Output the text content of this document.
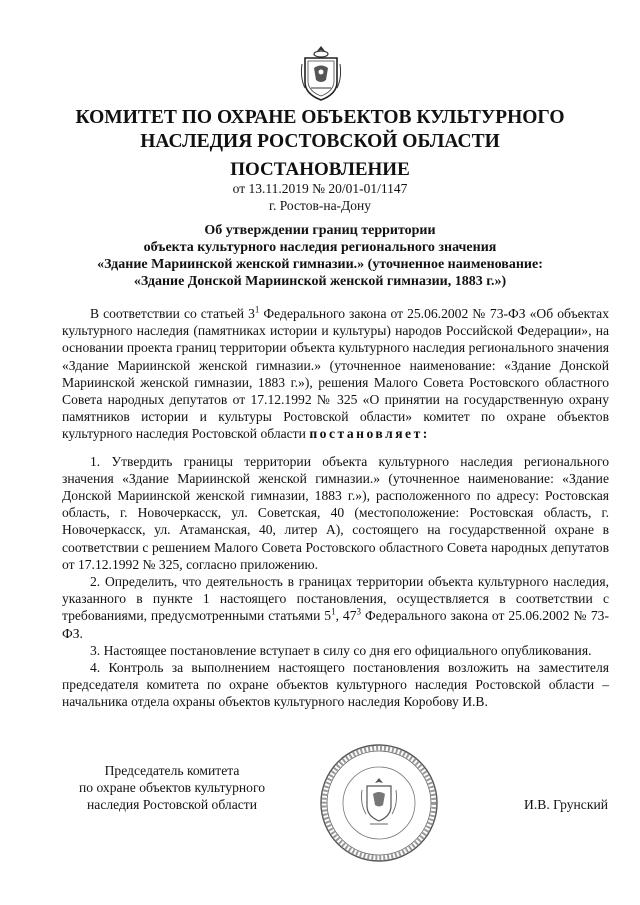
КОМИТЕТ ПО ОХРАНЕ ОБЪЕКТОВ КУЛЬТУРНОГО
НАСЛЕДИЯ РОСТОВСКОЙ ОБЛАСТИ
ПОСТАНОВЛЕНИЕ
от 13.11.2019 № 20/01-01/1147
г. Ростов-на-Дону
Об утверждении границ территории
объекта культурного наследия регионального значения
«Здание Мариинской женской гимназии.» (уточненное наименование:
«Здание Донской Мариинской женской гимназии, 1883 г.»)

В соответствии со статьей $3^1$ Федерального закона от 25.06.2002 № 73-ФЗ «Об объектах культурного наследия (памятниках истории и культуры) народов Российской Федерации», на основании проекта границ территории объекта культурного наследия регионального значения «Здание Мариинской женской гимназии.» (уточненное наименование: «Здание Донской Мариинской женской гимназии, 1883 г.»), решения Малого Совета Ростовского областного Совета народных депутатов от 17.12.1992 № 325 «О принятии на государственную охрану памятников истории и культуры Ростовской области» комитет по охране объектов культурного наследия Ростовской области постановляет:

1. Утвердить границы территории объекта культурного наследия регионального значения «Здание Мариинской женской гимназии.» (уточненное наименование: «Здание Донской Мариинской женской гимназии, 1883 г.»), расположенного по адресу: Ростовская область, г. Новочеркасск, ул. Советская, 40 (местоположение: Ростовская область, г. Новочеркасск, ул. Атаманская, 40, литер А), состоящего на государственной охране в соответствии с решением Малого Совета Ростовского областного Совета народных депутатов от 17.12.1992 № 325, согласно приложению.

2. Определить, что деятельность в границах территории объекта культурного наследия, указанного в пункте 1 настоящего постановления, осуществляется в соответствии с требованиями, предусмотренными статьями $5^1$, $47^3$ Федерального закона от 25.06.2002 № 73-ФЗ.

3. Настоящее постановление вступает в силу со дня его официального опубликования.

4. Контроль за выполнением настоящего постановления возложить на заместителя председателя комитета по охране объектов культурного наследия Ростовской области – начальника отдела охраны объектов культурного наследия Коробову И.В.

Председатель комитета
по охране объектов культурного
наследия Ростовской области	И.В. Грунский
